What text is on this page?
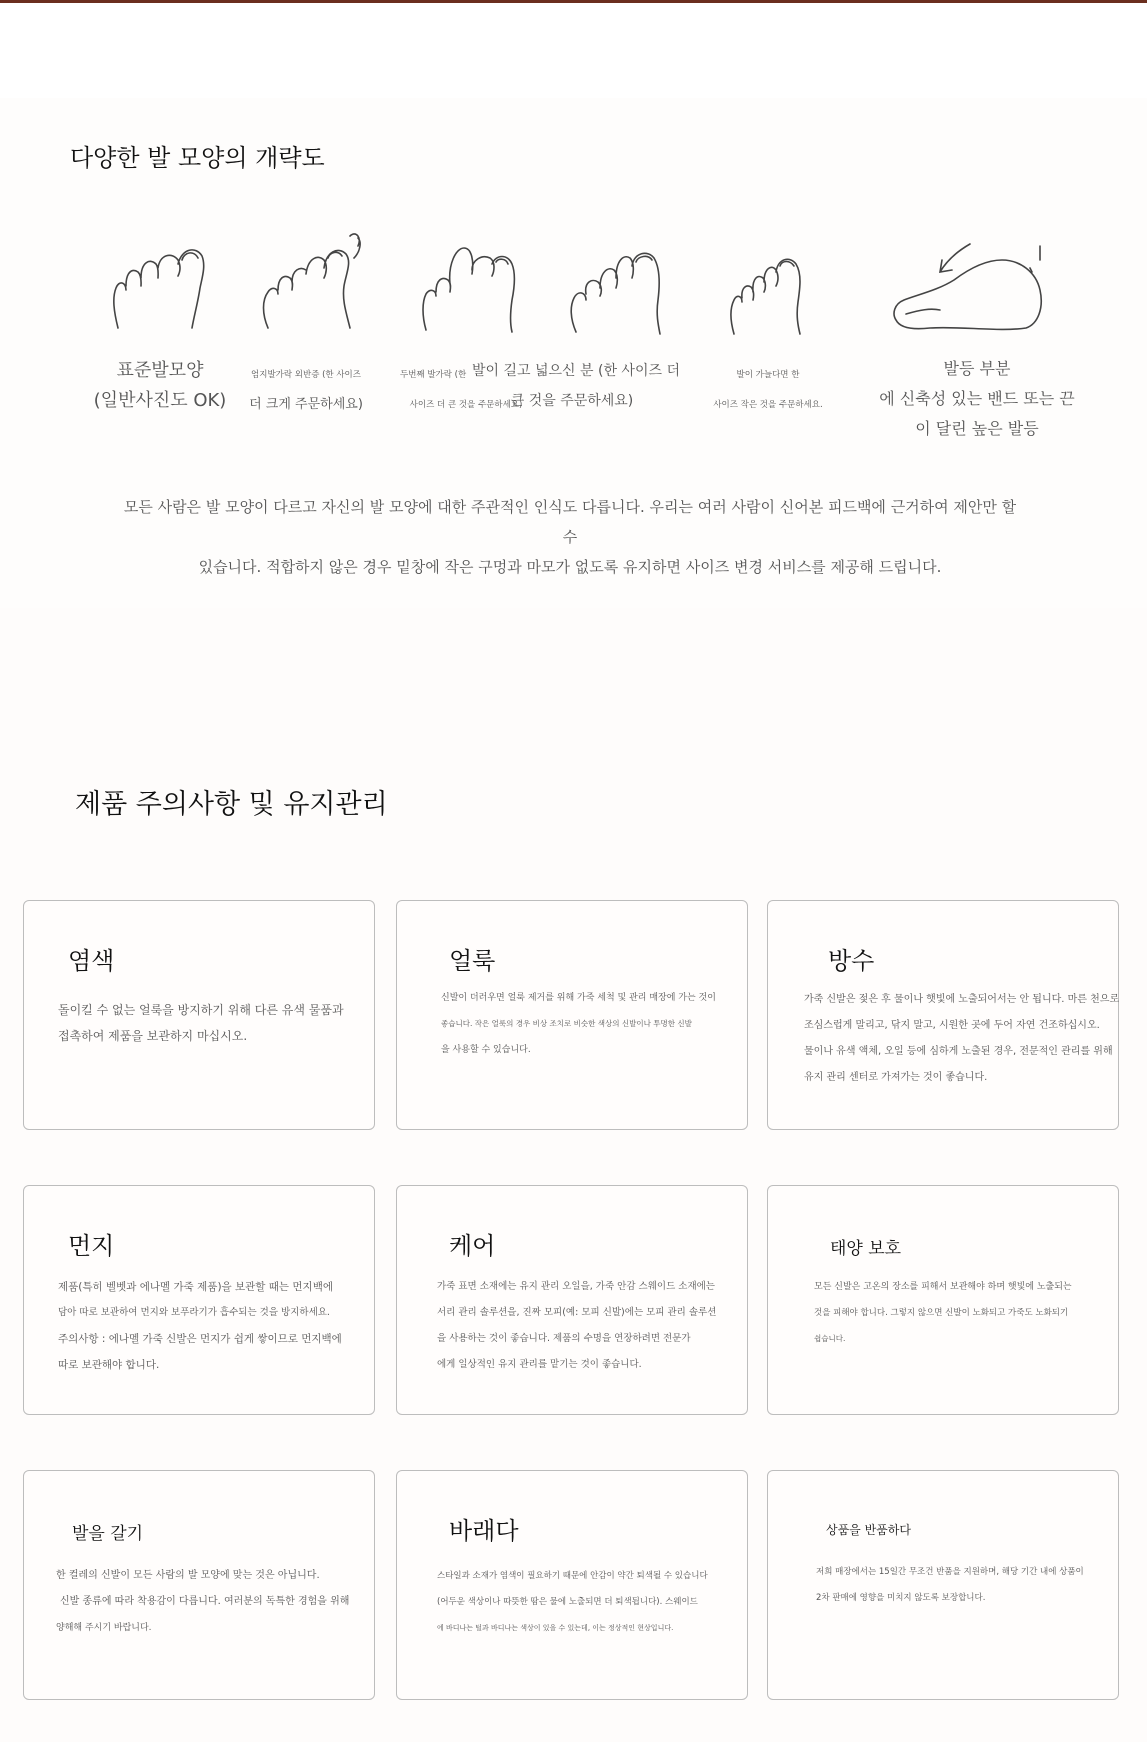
다양한 발 모양의 개략도
표준발모양
(일반사진도 OK)
엄지발가락 외반증 (한 사이즈
더 크게 주문하세요)
두번째 발가락 (한
사이즈 더 큰 것을 주문하세요)
발이 길고 넓으신 분 (한 사이즈 더
큰 것을 주문하세요)
발이 가늘다면 한
사이즈 작은 것을 주문하세요.
발등 부분
에 신축성 있는 밴드 또는 끈
이 달린 높은 발등
모든 사람은 발 모양이 다르고 자신의 발 모양에 대한 주관적인 인식도 다릅니다. 우리는 여러 사람이 신어본 피드백에 근거하여 제안만 할 수
있습니다. 적합하지 않은 경우 밑창에 작은 구멍과 마모가 없도록 유지하면 사이즈 변경 서비스를 제공해 드립니다.
제품 주의사항 및 유지관리
염색
돌이킬 수 없는 얼룩을 방지하기 위해 다른 유색 물품과
접촉하여 제품을 보관하지 마십시오.
얼룩
신발이 더러우면 얼룩 제거를 위해 가죽 세척 및 관리 매장에 가는 것이
좋습니다. 작은 얼룩의 경우 비상 조치로 비슷한 색상의 신발이나 투명한 신발
을 사용할 수 있습니다.
방수
가죽 신발은 젖은 후 물이나 햇빛에 노출되어서는 안 됩니다. 마른 천으로
조심스럽게 말리고, 닦지 말고, 시원한 곳에 두어 자연 건조하십시오.
물이나 유색 액체, 오일 등에 심하게 노출된 경우, 전문적인 관리를 위해
유지 관리 센터로 가져가는 것이 좋습니다.
먼지
제품(특히 벨벳과 에나멜 가죽 제품)을 보관할 때는 먼지백에
담아 따로 보관하여 먼지와 보푸라기가 흡수되는 것을 방지하세요.
주의사항 : 에나멜 가죽 신발은 먼지가 쉽게 쌓이므로 먼지백에
따로 보관해야 합니다.
케어
가죽 표면 소재에는 유지 관리 오일을, 가죽 안감 스웨이드 소재에는
서리 관리 솔루션을, 진짜 모피(예: 모피 신발)에는 모피 관리 솔루션
을 사용하는 것이 좋습니다. 제품의 수명을 연장하려면 전문가
에게 일상적인 유지 관리를 맡기는 것이 좋습니다.
태양 보호
모든 신발은 고온의 장소를 피해서 보관해야 하며 햇빛에 노출되는
것을 피해야 합니다. 그렇지 않으면 신발이 노화되고 가죽도 노화되기
쉽습니다.
발을 갈기
한 컬레의 신발이 모든 사람의 발 모양에 맞는 것은 아닙니다.
신발 종류에 따라 착용감이 다릅니다. 여러분의 독특한 경험을 위해
양해해 주시기 바랍니다.
바래다
스타일과 소재가 염색이 필요하기 때문에 안감이 약간 퇴색될 수 있습니다
(어두운 색상이나 따뜻한 땀은 물에 노출되면 더 퇴색됩니다). 스웨이드
에 바디나는 털과 바디나는 색상이 있을 수 있는데, 이는 정상적인 현상입니다.
상품을 반품하다
저희 매장에서는 15일간 무조건 반품을 지원하며, 해당 기간 내에 상품이
2차 판매에 영향을 미치지 않도록 보장합니다.
